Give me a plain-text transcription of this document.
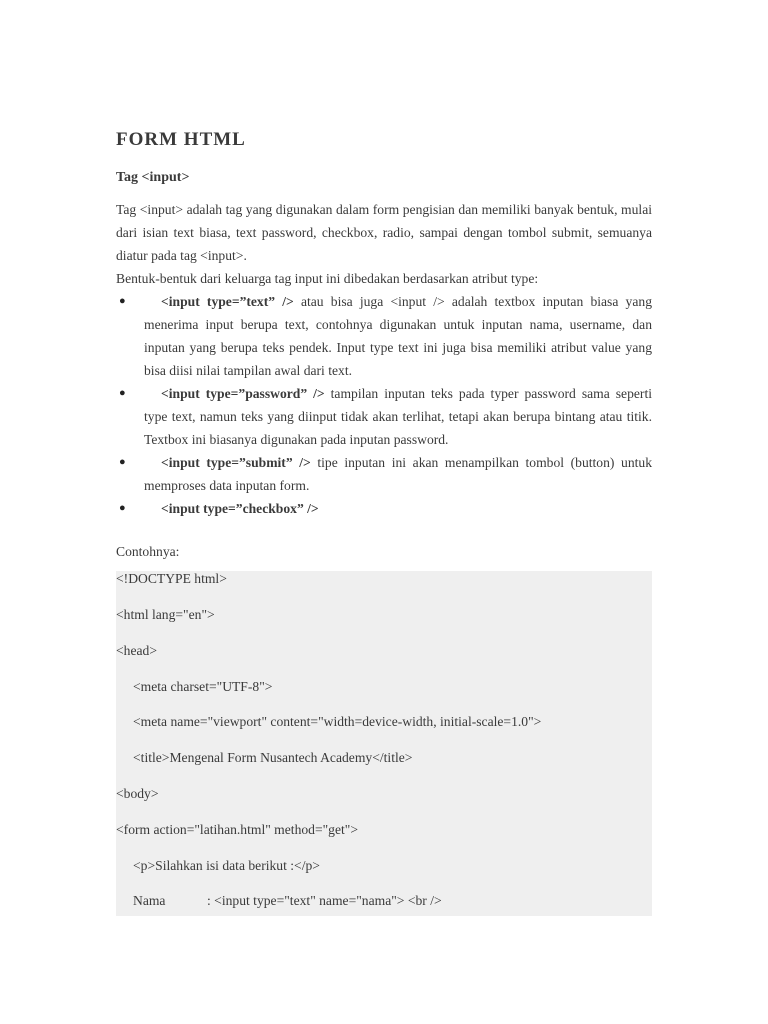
FORM HTML
Tag <input>

Tag <input> adalah tag yang digunakan dalam form pengisian dan memiliki banyak bentuk, mulai dari isian text biasa, text password, checkbox, radio, sampai dengan tombol submit, semuanya diatur pada tag <input>.

Bentuk-bentuk dari keluarga tag input ini dibedakan berdasarkan atribut type:

●	<input type=”text” /> atau bisa juga <input /> adalah textbox inputan biasa yang menerima input berupa text, contohnya digunakan untuk inputan nama, username, dan inputan yang berupa teks pendek. Input type text ini juga bisa memiliki atribut value yang bisa diisi nilai tampilan awal dari text.
●	<input type=”password” /> tampilan inputan teks pada typer password sama seperti type text, namun teks yang diinput tidak akan terlihat, tetapi akan berupa bintang atau titik. Textbox ini biasanya digunakan pada inputan password.
●	<input type=”submit” /> tipe inputan ini akan menampilkan tombol (button) untuk memproses data inputan form.
●	<input type=”checkbox” />

Contohnya:

<!DOCTYPE html>
<html lang="en">
<head>
<meta charset="UTF-8">
<meta name="viewport" content="width=device-width, initial-scale=1.0">
<title>Mengenal Form Nusantech Academy</title>
<body>
<form action="latihan.html" method="get">
<p>Silahkan isi data berikut :</p>
Nama	: <input type="text" name="nama"> <br />
